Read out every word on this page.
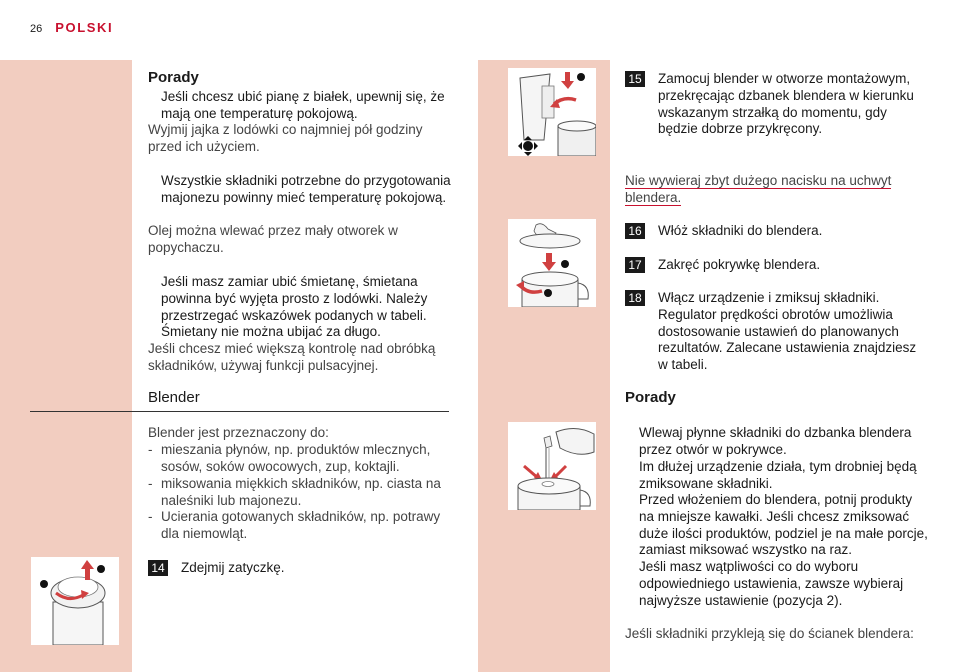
26 POLSKI
Porady
Jeśli chcesz ubić pianę z białek, upewnij się, że mają one temperaturę pokojową.
Wyjmij jajka z lodówki co najmniej pół godziny przed ich użyciem.
Wszystkie składniki potrzebne do przygotowania majonezu powinny mieć temperaturę pokojową.
Olej można wlewać przez mały otworek w popychaczu.
Jeśli masz zamiar ubić śmietanę, śmietana powinna być wyjęta prosto z lodówki. Należy przestrzegać wskazówek podanych w tabeli. Śmietany nie można ubijać za długo.
Jeśli chcesz mieć większą kontrolę nad obróbką składników, używaj funkcji pulsacyjnej.
Blender
Blender jest przeznaczony do:
- mieszania płynów, np. produktów mlecznych, sosów, soków owocowych, zup, koktajli.
- miksowania miękkich składników, np. ciasta na naleśniki lub majonezu.
- Ucierania gotowanych składników, np. potrawy dla niemowląt.
14 Zdejmij zatyczkę.
15 Zamocuj blender w otworze montażowym, przekręcając dzbanek blendera w kierunku wskazanym strzałką do momentu, gdy będzie dobrze przykręcony.
Nie wywieraj zbyt dużego nacisku na uchwyt blendera.
16 Włóż składniki do blendera.
17 Zakręć pokrywkę blendera.
18 Włącz urządzenie i zmiksuj składniki. Regulator prędkości obrotów umożliwia dostosowanie ustawień do planowanych rezultatów. Zalecane ustawienia znajdziesz w tabeli.
Porady
Wlewaj płynne składniki do dzbanka blendera przez otwór w pokrywce.
Im dłużej urządzenie działa, tym drobniej będą zmiksowane składniki.
Przed włożeniem do blendera, potnij produkty na mniejsze kawałki. Jeśli chcesz zmiksować duże ilości produktów, podziel je na małe porcje, zamiast miksować wszystko na raz.
Jeśli masz wątpliwości co do wyboru odpowiedniego ustawienia, zawsze wybieraj najwyższe ustawienie (pozycja 2).
Jeśli składniki przykleją się do ścianek blendera:
